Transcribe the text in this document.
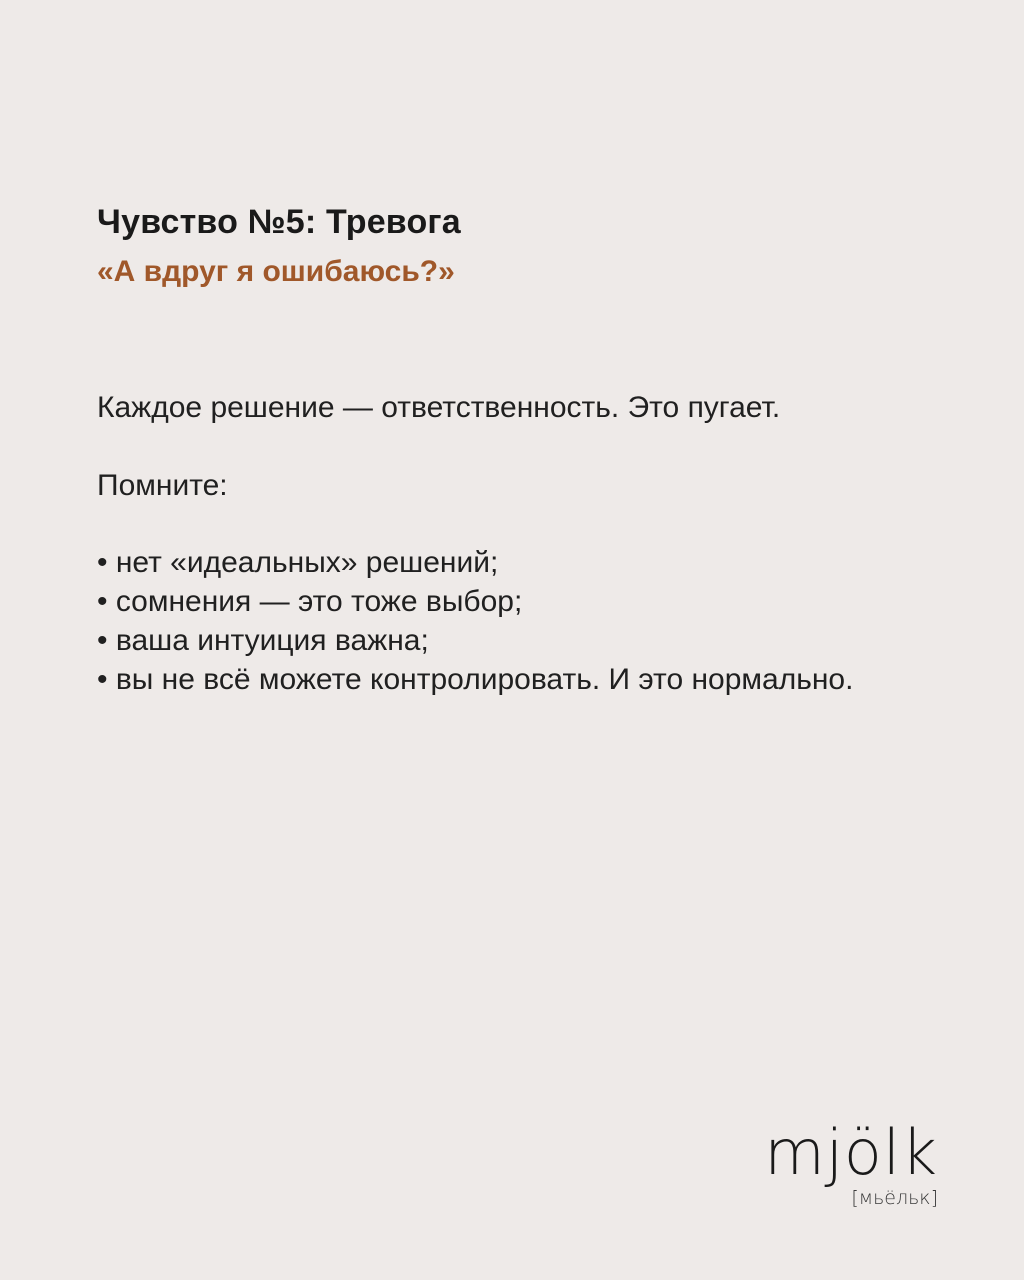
Чувство №5: Тревога
«А вдруг я ошибаюсь?»

Каждое решение — ответственность. Это пугает.

Помните:

• нет «идеальных» решений;
• сомнения — это тоже выбор;
• ваша интуиция важна;
• вы не всё можете контролировать. И это нормально.

mjölk

[мьёльк]
